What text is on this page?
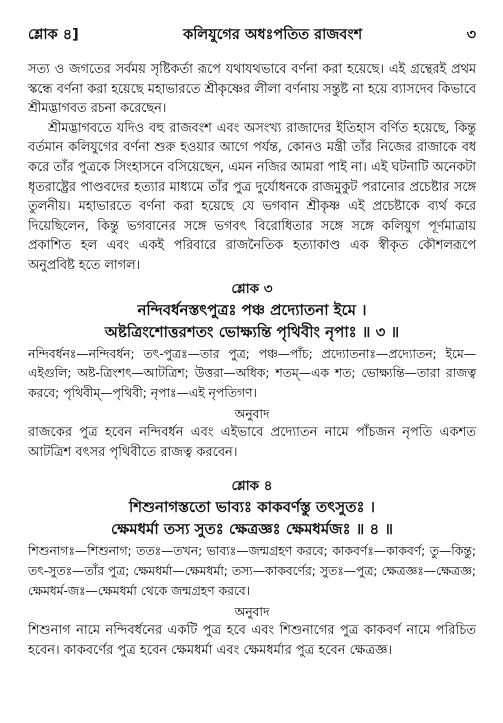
শ্লোক ৪]	কলিযুগের অধঃপতিত রাজবংশ	৩

সত্য ও জগতের সর্বময় সৃষ্টিকর্তা রূপে যথাযথভাবে বর্ণনা করা হয়েছে। এই গ্রন্থেরই প্রথম স্কন্ধে বর্ণনা করা হয়েছে মহাভারতে শ্রীকৃষ্ণের লীলা বর্ণনায় সন্তুষ্ট না হয়ে ব্যাসদেব কিভাবে শ্রীমদ্ভাগবত রচনা করেছেন।

শ্রীমদ্ভাগবতে যদিও বহু রাজবংশ এবং অসংখ্য রাজাদের ইতিহাস বর্ণিত হয়েছে, কিন্তু বর্তমান কলিযুগের বর্ণনা শুরু হওয়ার আগে পর্যন্ত, কোনও মন্ত্রী তাঁর নিজের রাজাকে বধ করে তাঁর পুত্রকে সিংহাসনে বসিয়েছেন, এমন নজির আমরা পাই না। এই ঘটনাটি অনেকটা ধৃতরাষ্ট্রের পাণ্ডবদের হত্যার মাধ্যমে তাঁর পুত্র দুর্যোধনকে রাজমুকুট পরানোর প্রচেষ্টার সঙ্গে তুলনীয়। মহাভারতে বর্ণনা করা হয়েছে যে ভগবান শ্রীকৃষ্ণ এই প্রচেষ্টাকে ব্যর্থ করে দিয়েছিলেন, কিন্তু ভগবানের সঙ্গে ভগবৎ বিরোধিতার সঙ্গে সঙ্গে কলিযুগ পূর্ণমাত্রায় প্রকাশিত হল এবং একই পরিবারে রাজনৈতিক হত্যাকাণ্ড এক স্বীকৃত কৌশলরূপে অনুপ্রবিষ্ট হতে লাগল।

শ্লোক ৩
নন্দিবর্ধনস্তৎপুত্রঃ পঞ্চ প্রদ্যোতনা ইমে ।
অষ্টত্রিংশোত্তরশতং ভোক্ষ্যন্তি পৃথিবীং নৃপাঃ ॥ ৩ ॥

নন্দিবর্ধনঃ—নন্দিবর্ধন; তৎ-পুত্রঃ—তার পুত্র; পঞ্চ—পাঁচ; প্রদ্যোতনাঃ—প্রদ্যোতন; ইমে—এইগুলি; অষ্ট-ত্রিংশৎ—আটত্রিশ; উত্তরা—অধিক; শতম্—এক শত; ভোক্ষ্যন্তি—তারা রাজত্ব করবে; পৃথিবীম্—পৃথিবী; নৃপাঃ—এই নৃপতিগণ।

অনুবাদ

রাজকের পুত্র হবেন নন্দিবর্ধন এবং এইভাবে প্রদ্যোতন নামে পাঁচজন নৃপতি একশত আটত্রিশ বৎসর পৃথিবীতে রাজত্ব করবেন।

শ্লোক ৪
শিশুনাগস্ততো ভাব্যঃ কাকবর্ণস্তু তৎসুতঃ ।
ক্ষেমধর্মা তস্য সুতঃ ক্ষেত্রজ্ঞঃ ক্ষেমধর্মজঃ ॥ ৪ ॥

শিশুনাগঃ—শিশুনাগ; ততঃ—তখন; ভাব্যঃ—জন্মগ্রহণ করবে; কাকবর্ণঃ—কাকবর্ণ; তু—কিন্তু; তৎ-সুতঃ—তাঁর পুত্র; ক্ষেমধর্মা—ক্ষেমধর্মা; তস্য—কাকবর্ণের; সুতঃ—পুত্র; ক্ষেত্রজ্ঞঃ—ক্ষেত্রজ্ঞ; ক্ষেমধর্ম-জঃ—ক্ষেমধর্মা থেকে জন্মগ্রহণ করবে।

অনুবাদ

শিশুনাগ নামে নন্দিবর্ধনের একটি পুত্র হবে এবং শিশুনাগের পুত্র কাকবর্ণ নামে পরিচিত হবেন। কাকবর্ণের পুত্র হবেন ক্ষেমধর্মা এবং ক্ষেমধর্মার পুত্র হবেন ক্ষেত্রজ্ঞ।
